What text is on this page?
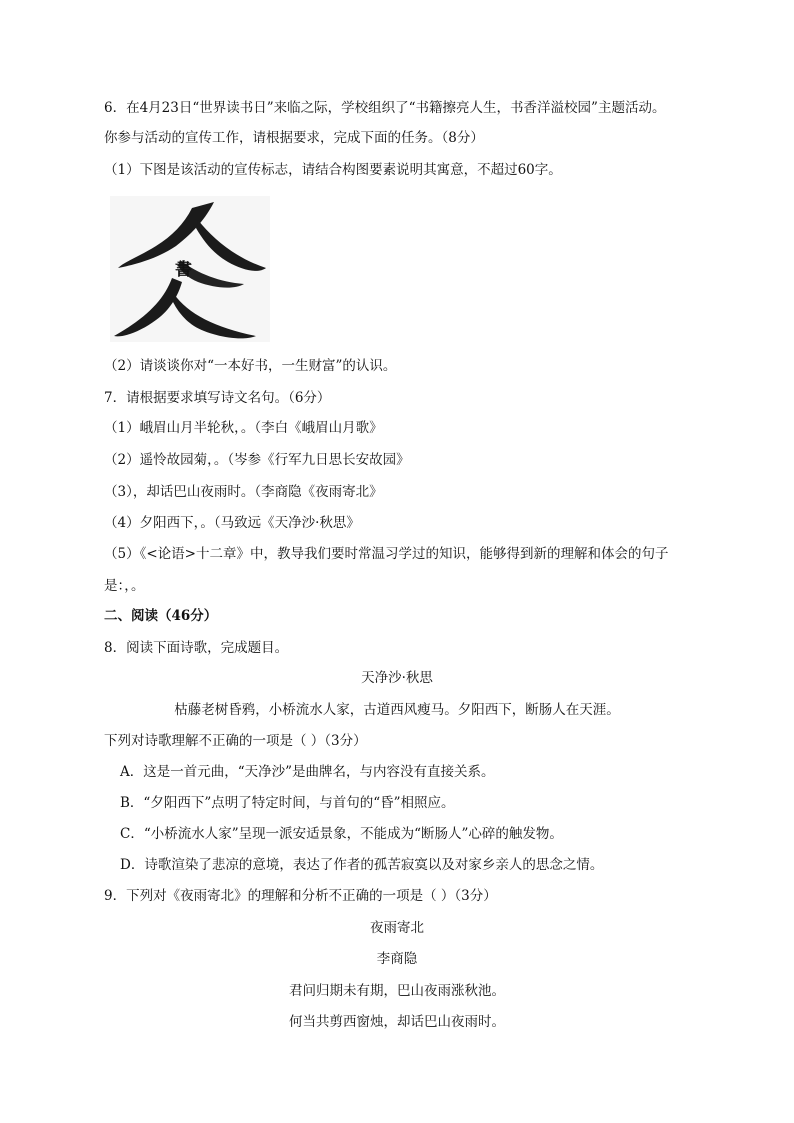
6．在4月23日“世界读书日”来临之际，学校组织了“书籍擦亮人生，书香洋溢校园”主题活动。
你参与活动的宣传工作，请根据要求，完成下面的任务。（8分）
（1）下图是该活动的宣传标志，请结合构图要素说明其寓意，不超过60字。
書
（2）请谈谈你对“一本好书，一生财富”的认识。
7．请根据要求填写诗文名句。（6分）
（1）峨眉山月半轮秋，。（李白《峨眉山月歌》
（2）遥怜故园菊，。（岑参《行军九日思长安故园》
（3），却话巴山夜雨时。（李商隐《夜雨寄北》
（4）夕阳西下，。（马致远《天净沙·秋思》
（5）《<论语>十二章》中，教导我们要时常温习学过的知识，能够得到新的理解和体会的句子
是：，。
二、阅读（46分）
8．阅读下面诗歌，完成题目。
天净沙·秋思
枯藤老树昏鸦，小桥流水人家，古道西风瘦马。夕阳西下，断肠人在天涯。
下列对诗歌理解不正确的一项是（ ）（3分）
A．这是一首元曲，“天净沙”是曲牌名，与内容没有直接关系。
B．“夕阳西下”点明了特定时间，与首句的“昏”相照应。
C．“小桥流水人家”呈现一派安适景象，不能成为“断肠人”心碎的触发物。
D．诗歌渲染了悲凉的意境，表达了作者的孤苦寂寞以及对家乡亲人的思念之情。
9．下列对《夜雨寄北》的理解和分析不正确的一项是（ ）（3分）
夜雨寄北
李商隐
君问归期未有期，巴山夜雨涨秋池。
何当共剪西窗烛，却话巴山夜雨时。
